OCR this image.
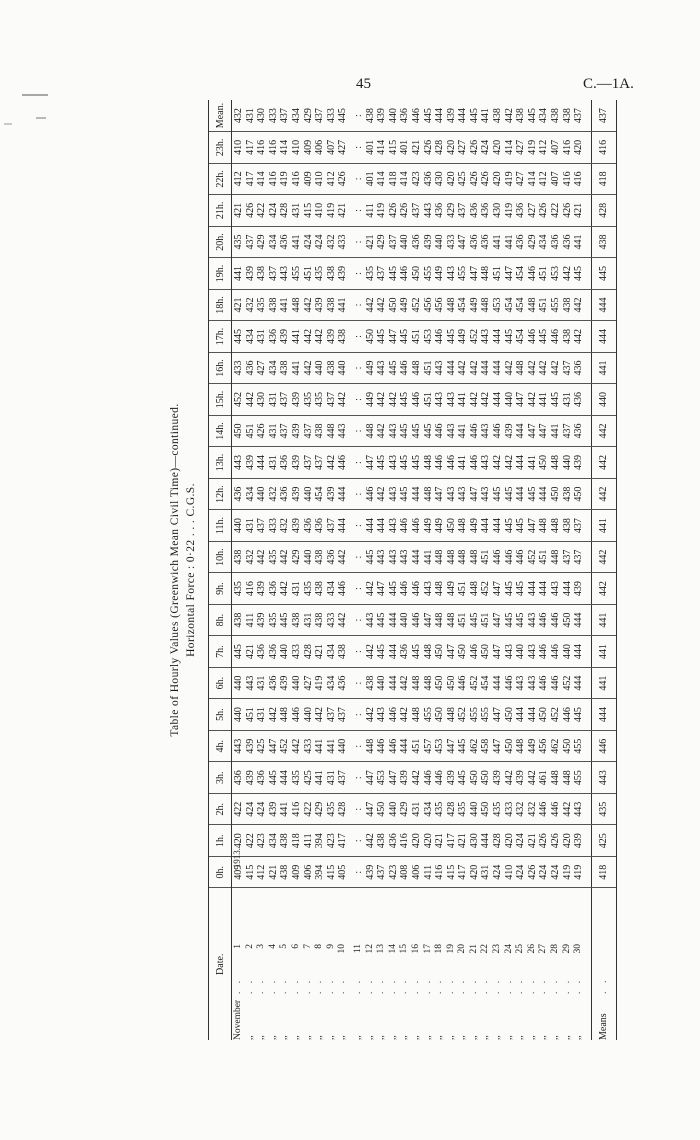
45	C.—1A.
Table of Hourly Values (Greenwich Mean Civil Time)—continued. Horizontal Force : 0·22 . . . C.G.S.
Date.	0h.	1h.	2h.	3h.	4h.	5h.	6h.	7h.	8h.	9h.	10h.	11h.	12h.	13h.	14h.	15h.	16h.	17h.	18h.	19h.	20h.	21h.	22h.	23h.	Mean.
November. .11913.	409	420	422	436	443	440	440	445	438	435	438	440	436	443	450	452	433	445	421	441	435	421	412	410	432
,,. .2	415	422	424	439	439	451	443	421	411	416	432	431	434	439	451	442	436	434	432	439	437	426	417	417	431
,,. .3	412	423	424	436	425	431	431	436	439	439	442	437	440	444	426	430	427	431	435	438	429	422	414	416	430
,,. .4	421	434	439	445	447	442	436	436	435	436	435	433	432	431	431	431	434	436	438	437	434	424	416	416	433
,,. .5	438	438	441	444	452	448	439	440	445	442	442	432	436	436	437	437	438	439	441	443	436	428	419	414	437
,,. .6	409	418	416	435	442	446	440	433	438	431	429	439	439	439	439	439	441	441	448	455	441	431	416	410	434
,,. .7	406	411	422	425	433	440	427	428	431	435	440	436	440	437	437	435	442	442	442	451	424	415	409	409	429
,,. .8	394	394	429	441	441	442	419	421	438	438	438	436	454	437	438	435	440	442	439	435	424	410	410	406	437
,,. .9	415	423	435	431	441	437	434	434	433	434	436	437	439	442	448	437	438	439	438	438	432	419	412	407	433
,,. .10	405	417	428	437	440	437	436	438	442	446	442	444	444	446	443	442	440	438	441	439	433	421	426	427	445

,,. .11	:	:	:	:	:	:	:	:	:	:	:	:	:	:	:	:	:	:	:	:	:	:	:	:	:
,,. .12	439	442	447	447	448	442	438	442	443	442	445	444	446	447	448	449	449	450	442	435	421	411	401	401	438
,,. .13	437	438	450	453	446	443	440	445	445	447	443	444	442	445	442	442	443	445	442	437	429	419	414	414	439
,,. .14	423	436	440	447	446	446	444	444	444	445	443	443	443	443	443	442	445	447	450	445	437	426	418	415	440
,,. .15	408	416	429	439	444	442	442	436	440	446	443	446	445	445	445	445	446	445	449	446	440	426	414	401	436
,,. .16	406	420	431	442	451	448	448	445	446	446	444	446	444	445	445	446	448	451	452	450	436	437	423	421	446
,,. .17	411	420	434	446	457	455	448	448	447	443	441	449	448	448	445	451	451	453	456	455	439	443	436	426	445
,,. .18	416	421	435	446	453	450	450	450	448	448	448	449	447	446	446	443	443	446	456	449	440	436	430	428	444
,,. .19	415	417	428	439	447	448	450	447	448	449	448	450	443	446	443	443	444	445	448	443	433	429	420	420	439
,,. .20	417	421	435	445	445	452	446	450	451	451	448	448	443	441	441	441	442	449	454	455	447	437	425	427	444
,,. .21	420	430	440	450	462	455	452	446	445	448	448	449	447	446	446	442	442	452	449	447	436	436	426	426	445
,,. .22	431	444	450	450	458	455	454	450	451	452	451	444	443	443	443	442	444	443	448	448	436	436	426	424	441
,,. .23	424	428	435	439	447	447	444	447	447	447	446	444	445	442	446	444	444	444	453	451	441	430	420	420	438
,,. .24	410	420	433	442	450	450	446	443	445	445	446	445	445	442	439	440	442	445	454	447	441	419	419	414	442
,,. .25	424	424	432	439	448	444	443	440	445	445	446	445	444	444	444	447	448	454	454	454	436	436	427	427	438
,,. .26	426	421	432	442	449	444	443	443	443	444	452	447	445	441	447	442	442	446	448	446	429	427	414	419	445
,,. .27	424	426	446	461	456	450	446	446	446	444	451	448	444	450	447	441	442	445	451	451	434	426	412	412	434
,,. .28	424	426	446	448	462	452	446	446	446	443	448	448	450	448	441	445	442	446	455	453	436	422	407	407	438
,,. .29	419	420	442	448	450	446	452	440	450	444	437	438	438	440	437	431	437	438	438	442	436	426	416	416	438
,,. .30	419	439	443	455	455	445	444	444	444	439	437	437	450	439	436	436	436	442	442	445	441	421	416	420	437
Means. .	418	425	435	443	446	444	441	441	441	442	442	441	442	442	442	440	441	444	444	445	438	428	418	416	437
